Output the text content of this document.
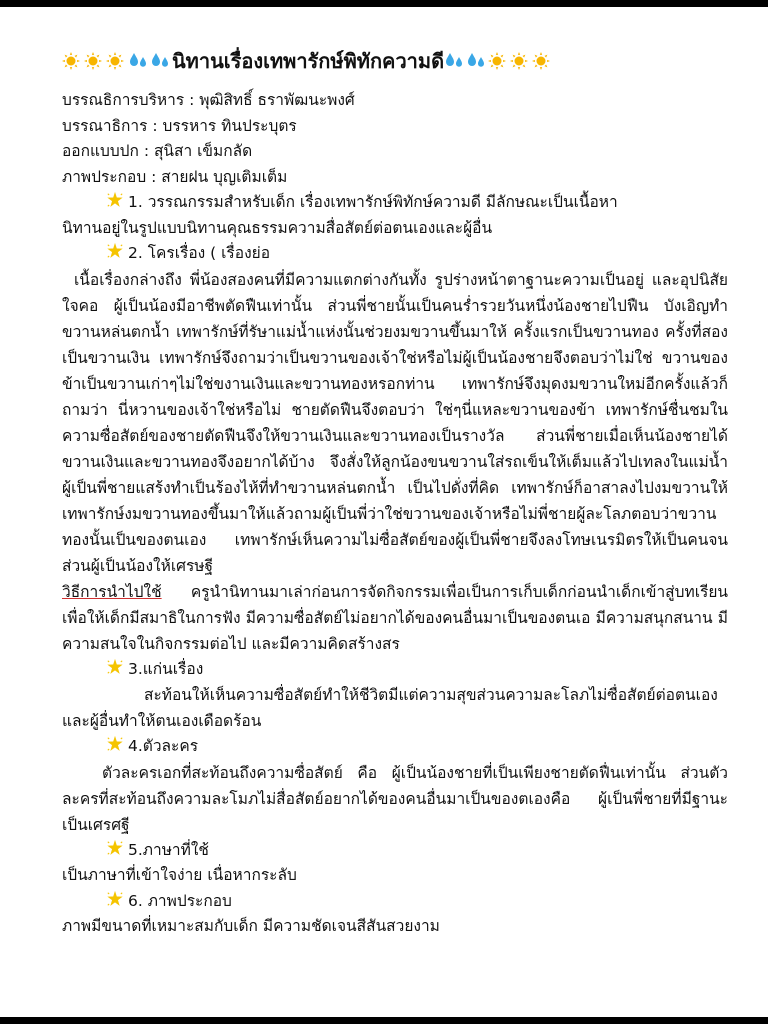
นิทานเรื่องเทพารักษ์พิทักความดี

บรรณธิการบริหาร : พุฒิสิทธิ์ ธราพัฒนะพงศ์

บรรณาธิการ : บรรหาร ทินประบุตร

ออกแบบปก : สุนิสา เข็มกลัด

ภาพประกอบ : สายฝน บุญเติมเต็ม

1. วรรณกรรมสำหรับเด็ก เรื่องเทพารักษ์พิทักษ์ความดี มีลักษณะเป็นเนื้อหา

นิทานอยู่ในรูปแบบนิทานคุณธรรมความสื่อสัตย์ต่อตนเองและผู้อื่น

2. โครเรื่อง ( เรื่องย่อ

เนื้อเรื่องกล่างถึง พี่น้องสองคนที่มีความแตกต่างกันทั้ง รูปร่างหน้าตาฐานะความเป็นอยู่ และอุปนิสัยใจคอ ผู้เป็นน้องมีอาชีพตัดฟืนเท่านั้น ส่วนพี่ชายนั้นเป็นคนร่ำรวยวันหนึ่งน้องชายไปฟืน บังเอิญทำขวานหล่นตกน้ำ เทพารักษ์ที่รัษาแม่น้ำแห่งนั้นช่วยงมขวานขึ้นมาให้ ครั้งแรกเป็นขวานทอง ครั้งที่สองเป็นขวานเงิน เทพารักษ์จึงถามว่าเป็นขวานของเจ้าใช่หรือไม่ผู้เป็นน้องชายจึงตอบว่าไม่ใช่ ขวานของข้าเป็นขวานเก่าๆไม่ใช่ขงานเงินและขวานทองหรอกท่าน เทพารักษ์จึงมุดงมขวานใหม่อีกครั้งแล้วก็ถามว่า นี่หวานของเจ้าใช่หรือไม่ ชายตัดฟืนจึงตอบว่า ใช่ๆนี่แหละขวานของข้า เทพารักษ์ชื่นชมในความซื่อสัตย์ของชายตัดฟืนจึงให้ขวานเงินและขวานทองเป็นรางวัล ส่วนพี่ชายเมื่อเห็นน้องชายได้ขวานเงินและขวานทองจึงอยากได้บ้าง จึงสั่งให้ลูกน้องขนขวานใส่รถเข็นให้เต็มแล้วไปเทลงในแม่น้ำ ผู้เป็นพี่ชายแสร้งทำเป็นร้องไห้ที่ทำขวานหล่นตกน้ำ เป็นไปดั่งที่คิด เทพารักษ์ก็อาสาลงไปงมขวานให้ เทพารักษ์งมขวานทองขึ้นมาให้แล้วถามผู้เป็นพี่ว่าใช่ขวานของเจ้าหรือไม่พี่ชายผู้ละโลภตอบว่าขวานทองนั้นเป็นของตนเอง เทพารักษ์เห็นความไม่ซื่อสัตย์ของผู้เป็นพี่ชายจึงลงโทษเนรมิตรให้เป็นคนจนส่วนผู้เป็นน้องให้เศรษฐี

วิธีการนำไปใช้ ครูนำนิทานมาเล่าก่อนการจัดกิจกรรมเพื่อเป็นการเก็บเด็กก่อนนำเด็กเข้าสู่บทเรียนเพื่อให้เด็กมีสมาธิในการฟัง มีความซื่อสัตย์ไม่อยากได้ของคนอื่นมาเป็นของตนเอ มีความสนุกสนาน มีความสนใจในกิจกรรมต่อไป และมีความคิดสร้างสร

3.แก่นเรื่อง

สะท้อนให้เห็นความซื่อสัตย์ทำให้ชีวิตมีแต่ความสุขส่วนความละโลภไม่ซื่อสัตย์ต่อตนเองและผู้อื่นทำให้ตนเองเดือดร้อน

4.ตัวละคร

ตัวละครเอกที่สะท้อนถึงความซื่อสัตย์ คือ ผู้เป็นน้องชายที่เป็นเพียงชายตัดฟื่นเท่านั้น ส่วนตัวละครที่สะท้อนถึงความละโมภไม่สื่อสัตย์อยากได้ของคนอื่นมาเป็นของตเองคือ ผู้เป็นพี่ชายที่มีฐานะเป็นเศรศฐี

5.ภาษาที่ใช้

เป็นภาษาที่เข้าใจง่าย เนื่อหากระลับ

6. ภาพประกอบ

ภาพมีขนาดที่เหมาะสมกับเด็ก มีความชัดเจนสีสันสวยงาม
